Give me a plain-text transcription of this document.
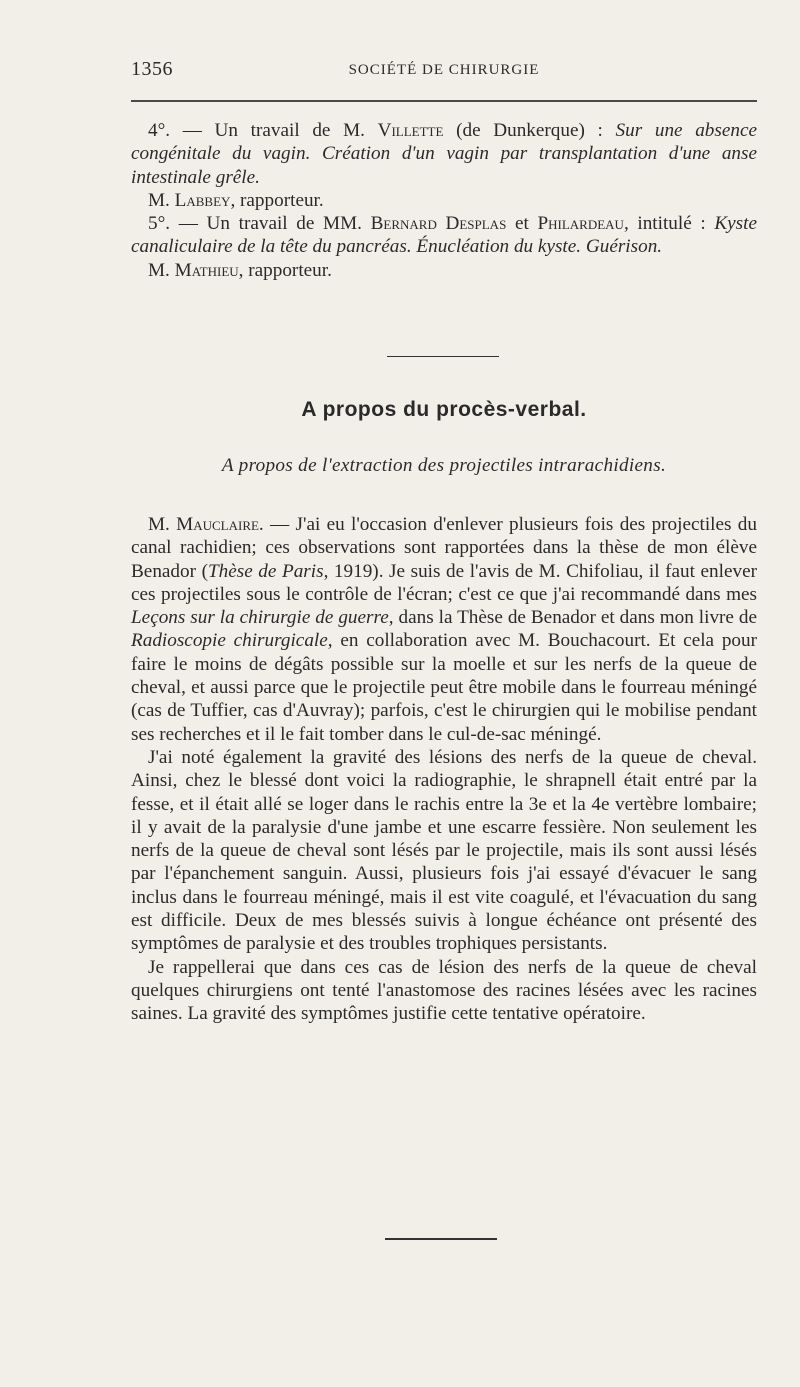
1356	SOCIÉTÉ DE CHIRURGIE

4°. — Un travail de M. Villette (de Dunkerque) : Sur une absence congénitale du vagin. Création d'un vagin par transplantation d'une anse intestinale grêle.

M. Labbey, rapporteur.

5°. — Un travail de MM. Bernard Desplas et Philardeau, intitulé : Kyste canaliculaire de la tête du pancréas. Énucléation du kyste. Guérison.

M. Mathieu, rapporteur.

A propos du procès-verbal.
A propos de l'extraction des projectiles intrarachidiens.

M. Mauclaire. — J'ai eu l'occasion d'enlever plusieurs fois des projectiles du canal rachidien; ces observations sont rapportées dans la thèse de mon élève Benador (Thèse de Paris, 1919). Je suis de l'avis de M. Chifoliau, il faut enlever ces projectiles sous le contrôle de l'écran; c'est ce que j'ai recommandé dans mes Leçons sur la chirurgie de guerre, dans la Thèse de Benador et dans mon livre de Radioscopie chirurgicale, en collaboration avec M. Bouchacourt. Et cela pour faire le moins de dégâts possible sur la moelle et sur les nerfs de la queue de cheval, et aussi parce que le projectile peut être mobile dans le fourreau méningé (cas de Tuffier, cas d'Auvray); parfois, c'est le chirurgien qui le mobilise pendant ses recherches et il le fait tomber dans le cul-de-sac méningé.

J'ai noté également la gravité des lésions des nerfs de la queue de cheval. Ainsi, chez le blessé dont voici la radiographie, le shrapnell était entré par la fesse, et il était allé se loger dans le rachis entre la 3e et la 4e vertèbre lombaire; il y avait de la paralysie d'une jambe et une escarre fessière. Non seulement les nerfs de la queue de cheval sont lésés par le projectile, mais ils sont aussi lésés par l'épanchement sanguin. Aussi, plusieurs fois j'ai essayé d'évacuer le sang inclus dans le fourreau méningé, mais il est vite coagulé, et l'évacuation du sang est difficile. Deux de mes blessés suivis à longue échéance ont présenté des symptômes de paralysie et des troubles trophiques persistants.

Je rappellerai que dans ces cas de lésion des nerfs de la queue de cheval quelques chirurgiens ont tenté l'anastomose des racines lésées avec les racines saines. La gravité des symptômes justifie cette tentative opératoire.
